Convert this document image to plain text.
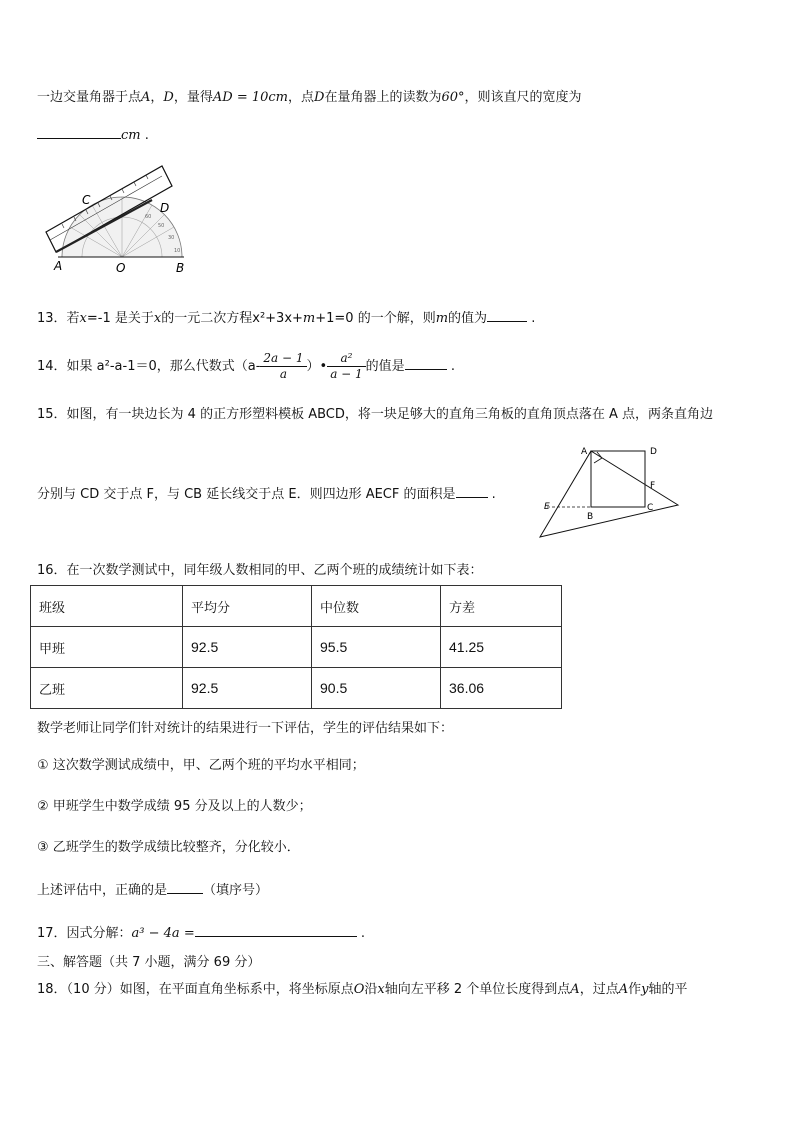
一边交量角器于点A，D，量得AD = 10cm，点D在量角器上的读数为60°，则该直尺的宽度为
cm .
10
30
50
60
C
D
A	O	B
13．若x=-1 是关于x的一元二次方程x²+3x+m+1=0 的一个解，则m的值为	.
14．如果 a²-a-1＝0，那么代数式（$a- \frac{2a - 1}{a}$ ）• $\frac{\text{a²}}{a - 1}$ 的值是	.
15．如图，有一块边长为 4 的正方形塑料模板 ABCD，将一块足够大的直角三角板的直角顶点落在 A 点，两条直角边
分别与 CD 交于点 F，与 CB 延长线交于点 E．则四边形 AECF 的面积是	.
A	D
F
E
B
C
16．在一次数学测试中，同年级人数相同的甲、乙两个班的成绩统计如下表：
班级	平均分	中位数	方差
甲班	92.5	95.5	41.25
乙班	92.5	90.5	36.06
数学老师让同学们针对统计的结果进行一下评估，学生的评估结果如下：
① 这次数学测试成绩中，甲、乙两个班的平均水平相同；
② 甲班学生中数学成绩 95 分及以上的人数少；
③ 乙班学生的数学成绩比较整齐，分化较小．
上述评估中，正确的是	（填序号）
17．因式分解：a³ − 4a =	.
三、解答题（共 7 小题，满分 69 分）
18．（10 分）如图，在平面直角坐标系中，将坐标原点O沿x轴向左平移 2 个单位长度得到点A，过点A作y轴的平
